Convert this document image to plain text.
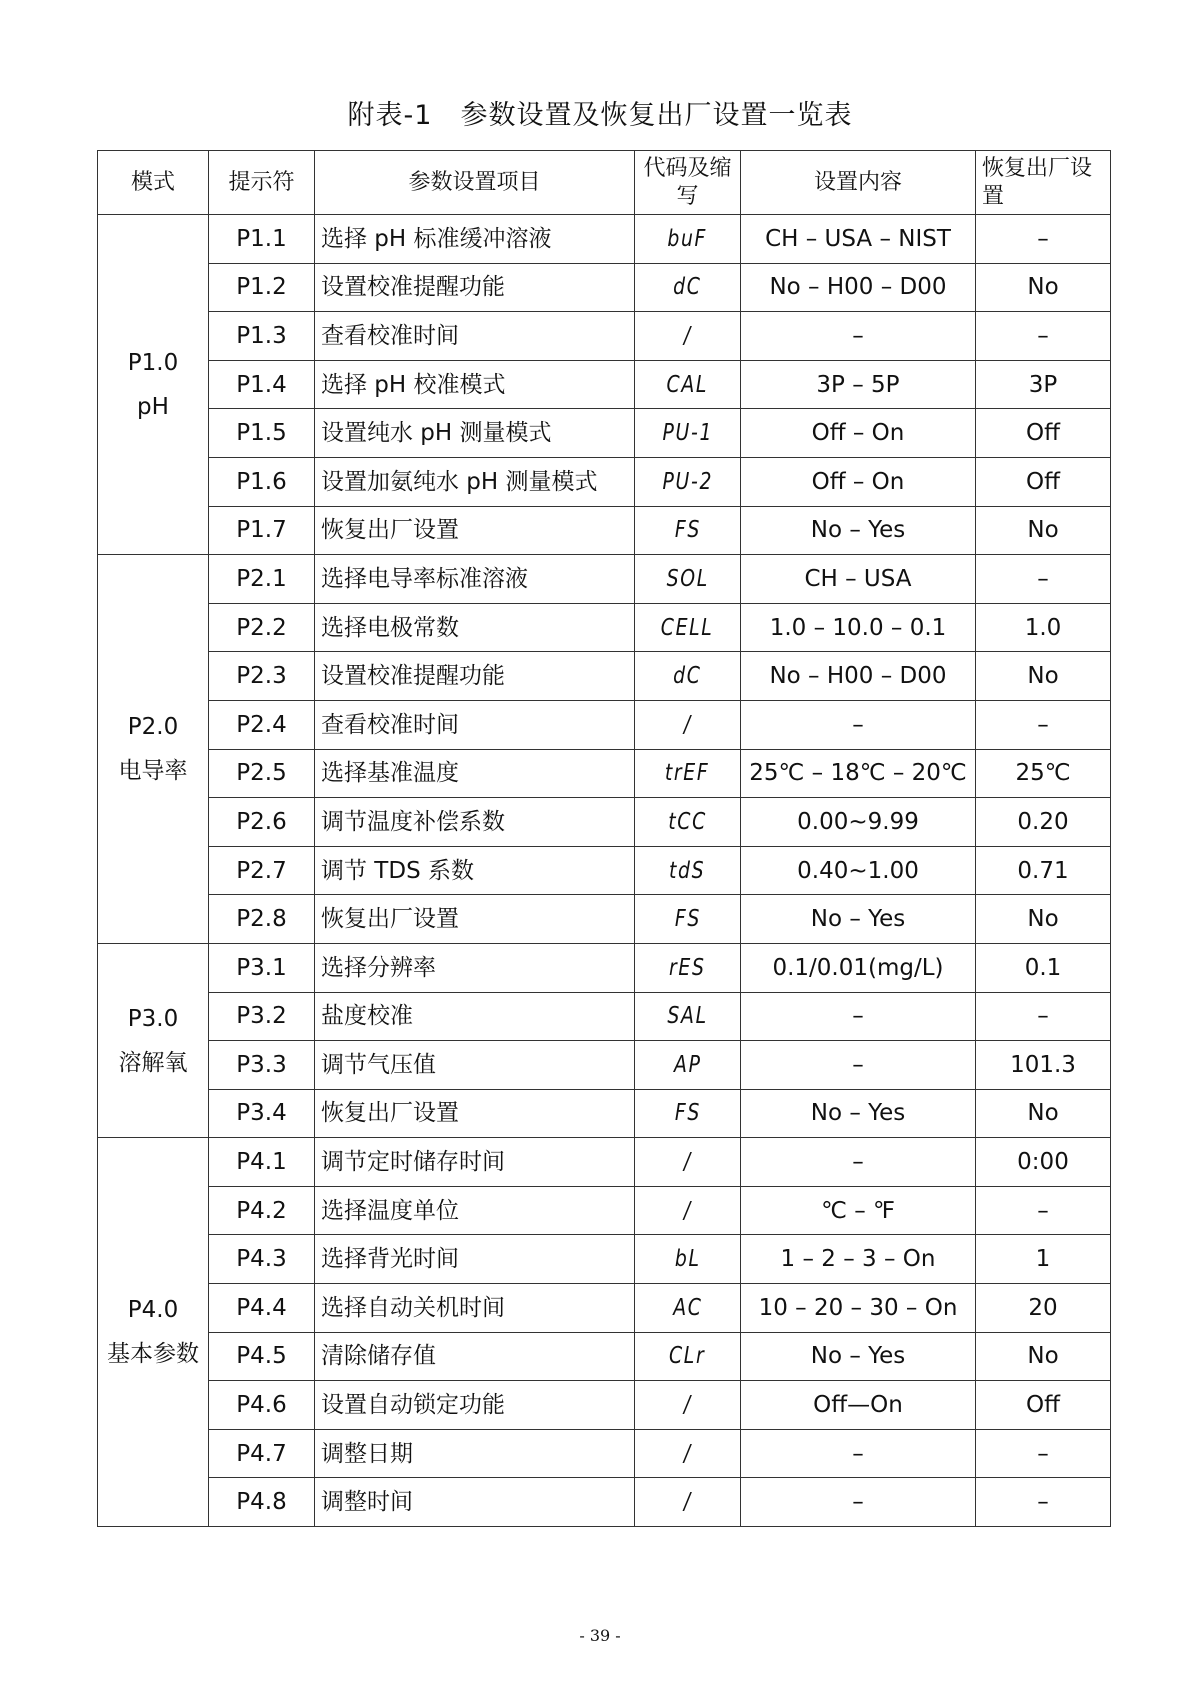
附表-1　参数设置及恢复出厂设置一览表
模式	提示符	参数设置项目	代码及缩写	设置内容	恢复出厂设置

P1.0
pH	P1.1	选择 pH 标准缓冲溶液	buF	CH – USA – NIST	–
	P1.2	设置校准提醒功能	dC	No – H00 – D00	No
	P1.3	查看校准时间	/	–	–
	P1.4	选择 pH 校准模式	CAL	3P – 5P	3P
	P1.5	设置纯水 pH 测量模式	PU-1	Off – On	Off
	P1.6	设置加氨纯水 pH 测量模式	PU-2	Off – On	Off
	P1.7	恢复出厂设置	FS	No – Yes	No

P2.0
电导率	P2.1	选择电导率标准溶液	SOL	CH – USA	–
	P2.2	选择电极常数	CELL	1.0 – 10.0 – 0.1	1.0
	P2.3	设置校准提醒功能	dC	No – H00 – D00	No
	P2.4	查看校准时间	/	–	–
	P2.5	选择基准温度	trEF	25℃ – 18℃ – 20℃	25℃
	P2.6	调节温度补偿系数	tCC	0.00~9.99	0.20
	P2.7	调节 TDS 系数	tdS	0.40~1.00	0.71
	P2.8	恢复出厂设置	FS	No – Yes	No

P3.0
溶解氧	P3.1	选择分辨率	rES	0.1/0.01(mg/L)	0.1
	P3.2	盐度校准	SAL	–	–
	P3.3	调节气压值	AP	–	101.3
	P3.4	恢复出厂设置	FS	No – Yes	No

P4.0
基本参数	P4.1	调节定时储存时间	/	–	0:00
	P4.2	选择温度单位	/	℃ – ℉	–
	P4.3	选择背光时间	bL	1 – 2 – 3 – On	1
	P4.4	选择自动关机时间	AC	10 – 20 – 30 – On	20
	P4.5	清除储存值	CLr	No – Yes	No
	P4.6	设置自动锁定功能	/	Off—On	Off
	P4.7	调整日期	/	–	–
	P4.8	调整时间	/	–	–
- 39 -
